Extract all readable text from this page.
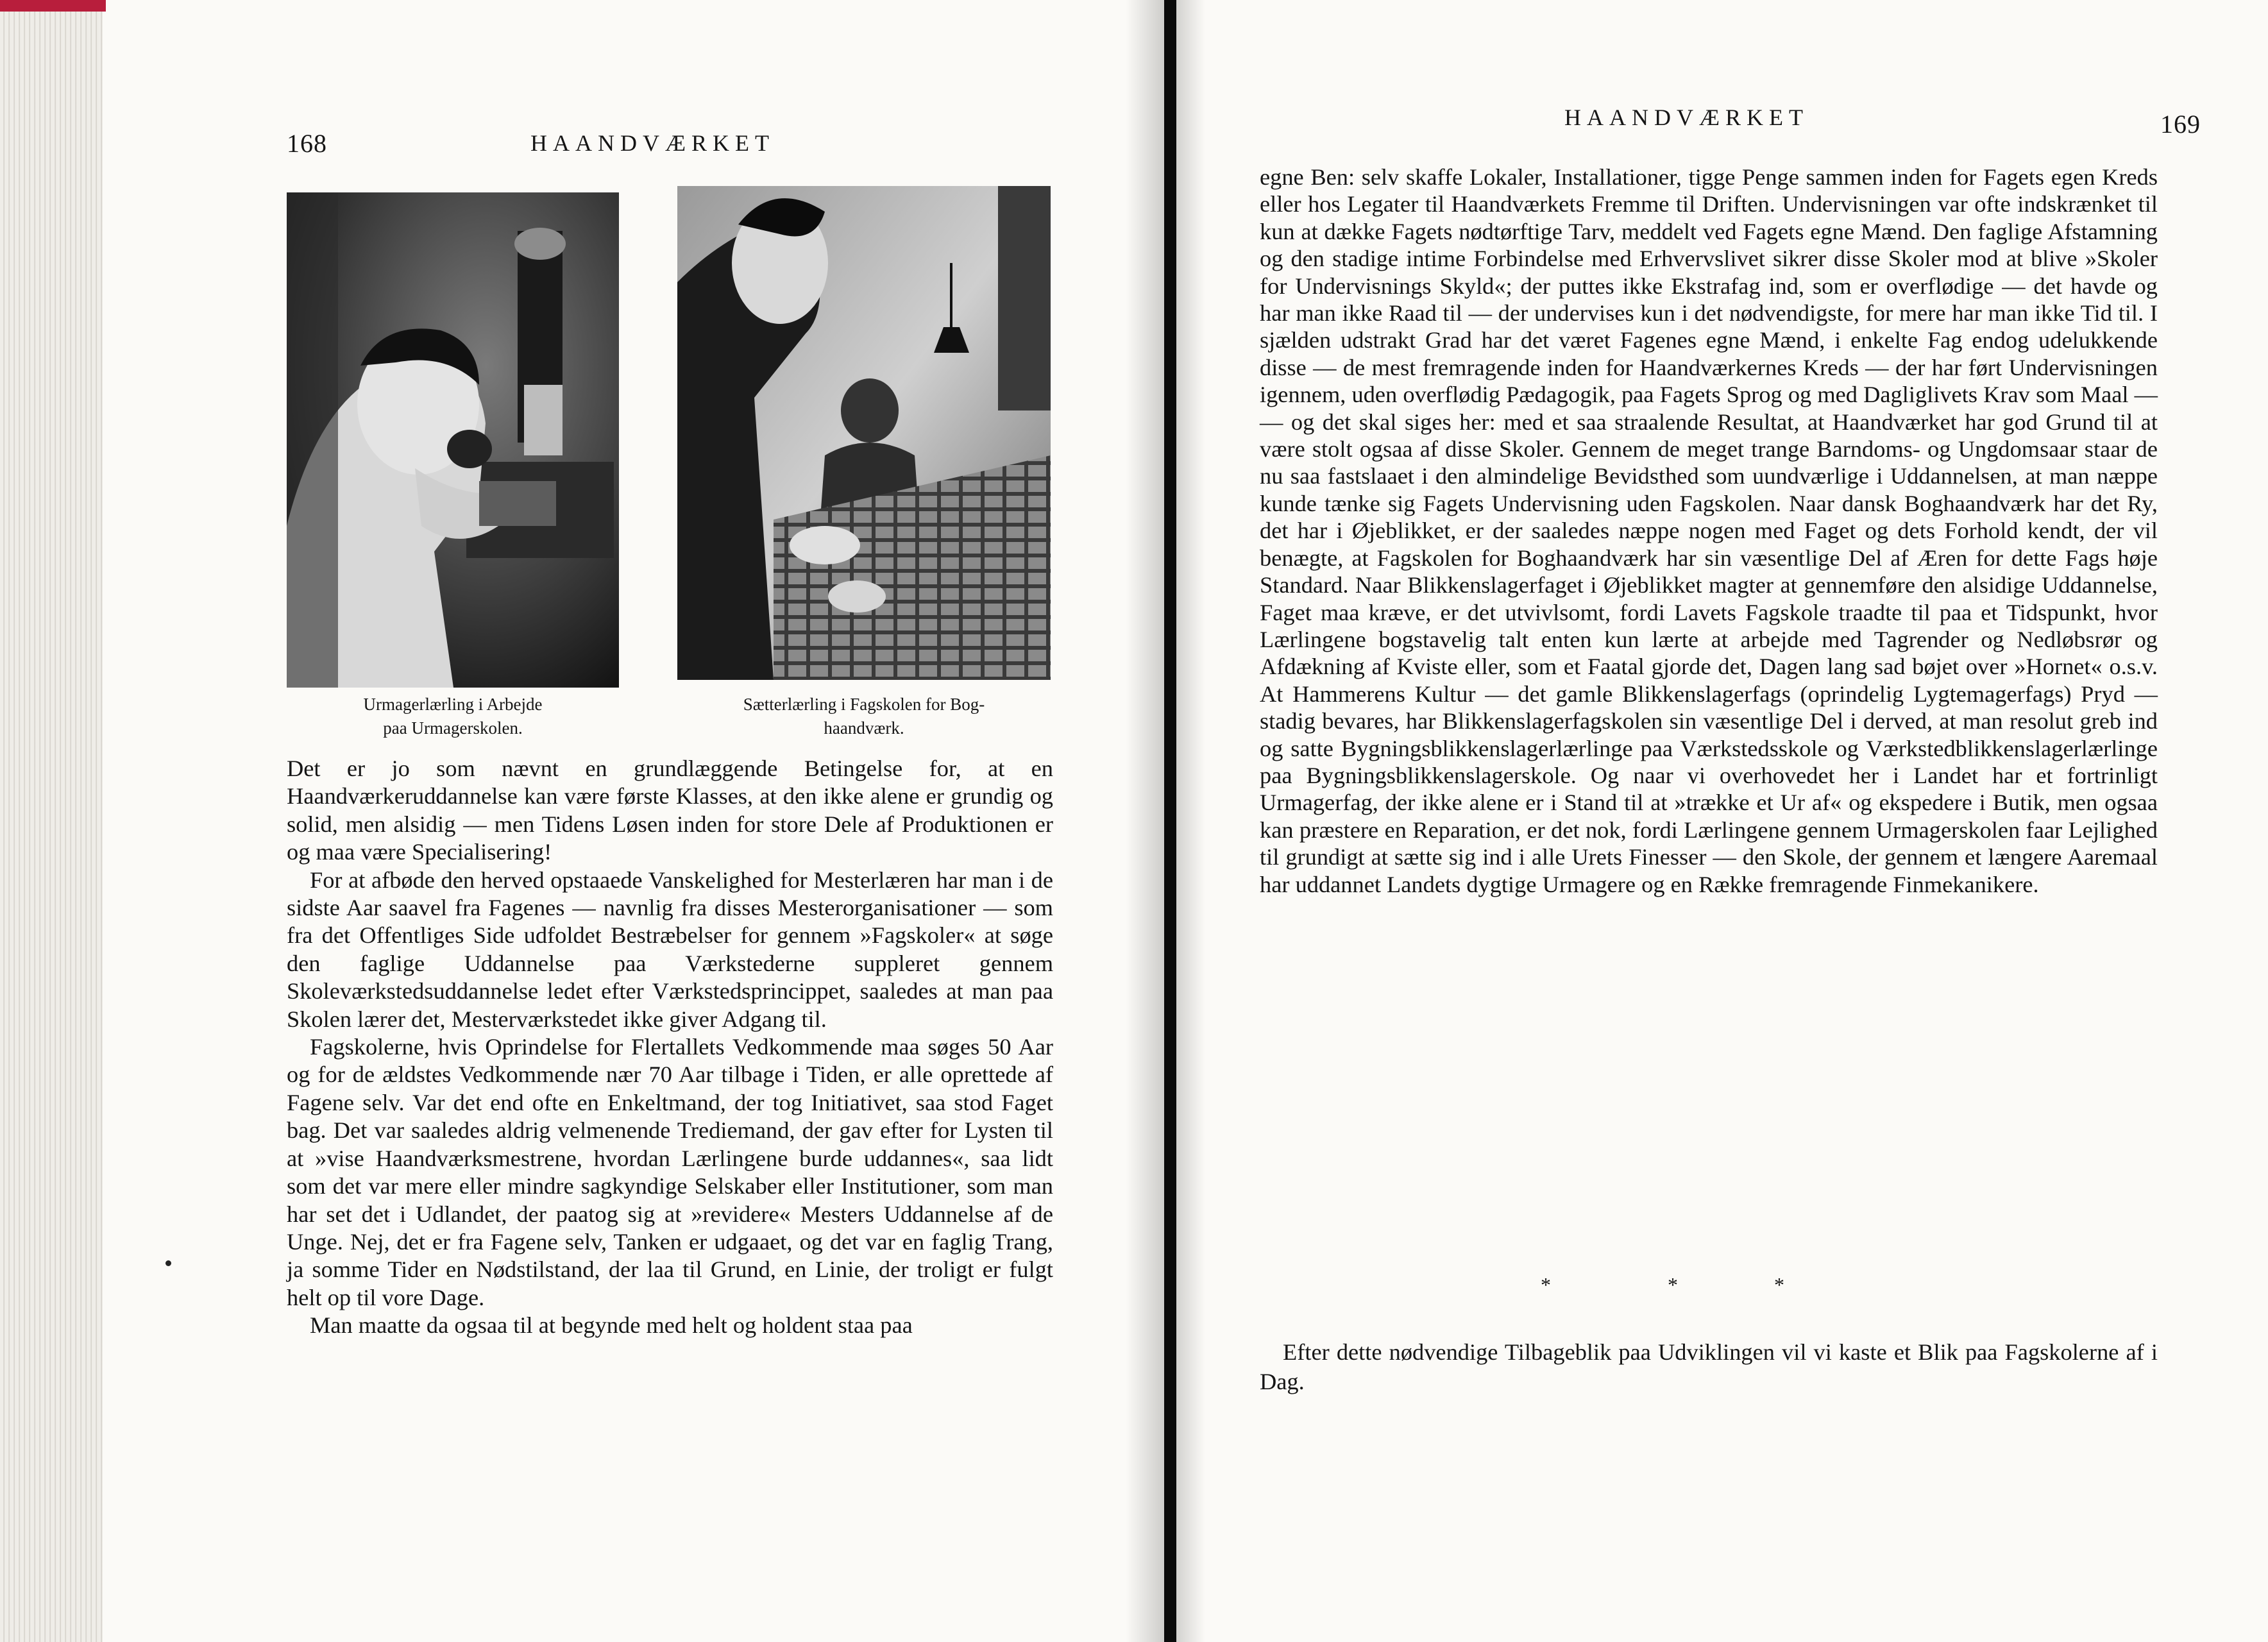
168	HAANDVÆRKET
Urmagerlærling i Arbejde
paa Urmagerskolen.
Sætterlærling i Fagskolen for Bog-
haandværk.

Det er jo som nævnt en grundlæggende Betingelse for, at en Haandværkeruddannelse kan være første Klasses, at den ikke alene er grundig og solid, men alsidig — men Tidens Løsen inden for store Dele af Produktionen er og maa være Specialisering!

For at afbøde den herved opstaaede Vanskelighed for Mesterlæren har man i de sidste Aar saavel fra Fagenes — navnlig fra disses Mesterorganisationer — som fra det Offentliges Side udfoldet Bestræbelser for gennem »Fagskoler« at søge den faglige Uddannelse paa Værkstederne suppleret gennem Skoleværkstedsuddannelse ledet efter Værkstedsprincippet, saaledes at man paa Skolen lærer det, Mesterværkstedet ikke giver Adgang til.

Fagskolerne, hvis Oprindelse for Flertallets Vedkommende maa søges 50 Aar og for de ældstes Vedkommende nær 70 Aar tilbage i Tiden, er alle oprettede af Fagene selv. Var det end ofte en Enkeltmand, der tog Initiativet, saa stod Faget bag. Det var saaledes aldrig velmenende Trediemand, der gav efter for Lysten til at »vise Haandværksmestrene, hvordan Lærlingene burde uddannes«, saa lidt som det var mere eller mindre sagkyndige Selskaber eller Institutioner, som man har set det i Udlandet, der paatog sig at »revidere« Mesters Uddannelse af de Unge. Nej, det er fra Fagene selv, Tanken er udgaaet, og det var en faglig Trang, ja somme Tider en Nødstilstand, der laa til Grund, en Linie, der troligt er fulgt helt op til vore Dage.

Man maatte da ogsaa til at begynde med helt og holdent staa paa

HAANDVÆRKET	169

egne Ben: selv skaffe Lokaler, Installationer, tigge Penge sammen inden for Fagets egen Kreds eller hos Legater til Haandværkets Fremme til Driften. Undervisningen var ofte indskrænket til kun at dække Fagets nødtørftige Tarv, meddelt ved Fagets egne Mænd. Den faglige Afstamning og den stadige intime Forbindelse med Erhvervslivet sikrer disse Skoler mod at blive »Skoler for Undervisnings Skyld«; der puttes ikke Ekstrafag ind, som er overflødige — det havde og har man ikke Raad til — der undervises kun i det nødvendigste, for mere har man ikke Tid til. I sjælden udstrakt Grad har det været Fagenes egne Mænd, i enkelte Fag endog udelukkende disse — de mest fremragende inden for Haandværkernes Kreds — der har ført Undervisningen igennem, uden overflødig Pædagogik, paa Fagets Sprog og med Dagliglivets Krav som Maal — — og det skal siges her: med et saa straalende Resultat, at Haandværket har god Grund til at være stolt ogsaa af disse Skoler. Gennem de meget trange Barndoms- og Ungdomsaar staar de nu saa fastslaaet i den almindelige Bevidsthed som uundværlige i Uddannelsen, at man næppe kunde tænke sig Fagets Undervisning uden Fagskolen. Naar dansk Boghaandværk har det Ry, det har i Øjeblikket, er der saaledes næppe nogen med Faget og dets Forhold kendt, der vil benægte, at Fagskolen for Boghaandværk har sin væsentlige Del af Æren for dette Fags høje Standard. Naar Blikkenslagerfaget i Øjeblikket magter at gennemføre den alsidige Uddannelse, Faget maa kræve, er det utvivlsomt, fordi Lavets Fagskole traadte til paa et Tidspunkt, hvor Lærlingene bogstavelig talt enten kun lærte at arbejde med Tagrender og Nedløbsrør og Afdækning af Kviste eller, som et Faatal gjorde det, Dagen lang sad bøjet over »Hornet« o.s.v. At Hammerens Kultur — det gamle Blikkenslagerfags (oprindelig Lygtemagerfags) Pryd — stadig bevares, har Blikkenslagerfagskolen sin væsentlige Del i derved, at man resolut greb ind og satte Bygningsblikkenslagerlærlinge paa Værkstedsskole og Værkstedblikkenslagerlærlinge paa Bygningsblikkenslagerskole. Og naar vi overhovedet her i Landet har et fortrinligt Urmagerfag, der ikke alene er i Stand til at »trække et Ur af« og ekspedere i Butik, men ogsaa kan præstere en Reparation, er det nok, fordi Lærlingene gennem Urmagerskolen faar Lejlighed til grundigt at sætte sig ind i alle Urets Finesser — den Skole, der gennem et længere Aaremaal har uddannet Landets dygtige Urmagere og en Række fremragende Finmekanikere.

*	*	*
Efter dette nødvendige Tilbageblik paa Udviklingen vil vi kaste et Blik paa Fagskolerne af i Dag.
